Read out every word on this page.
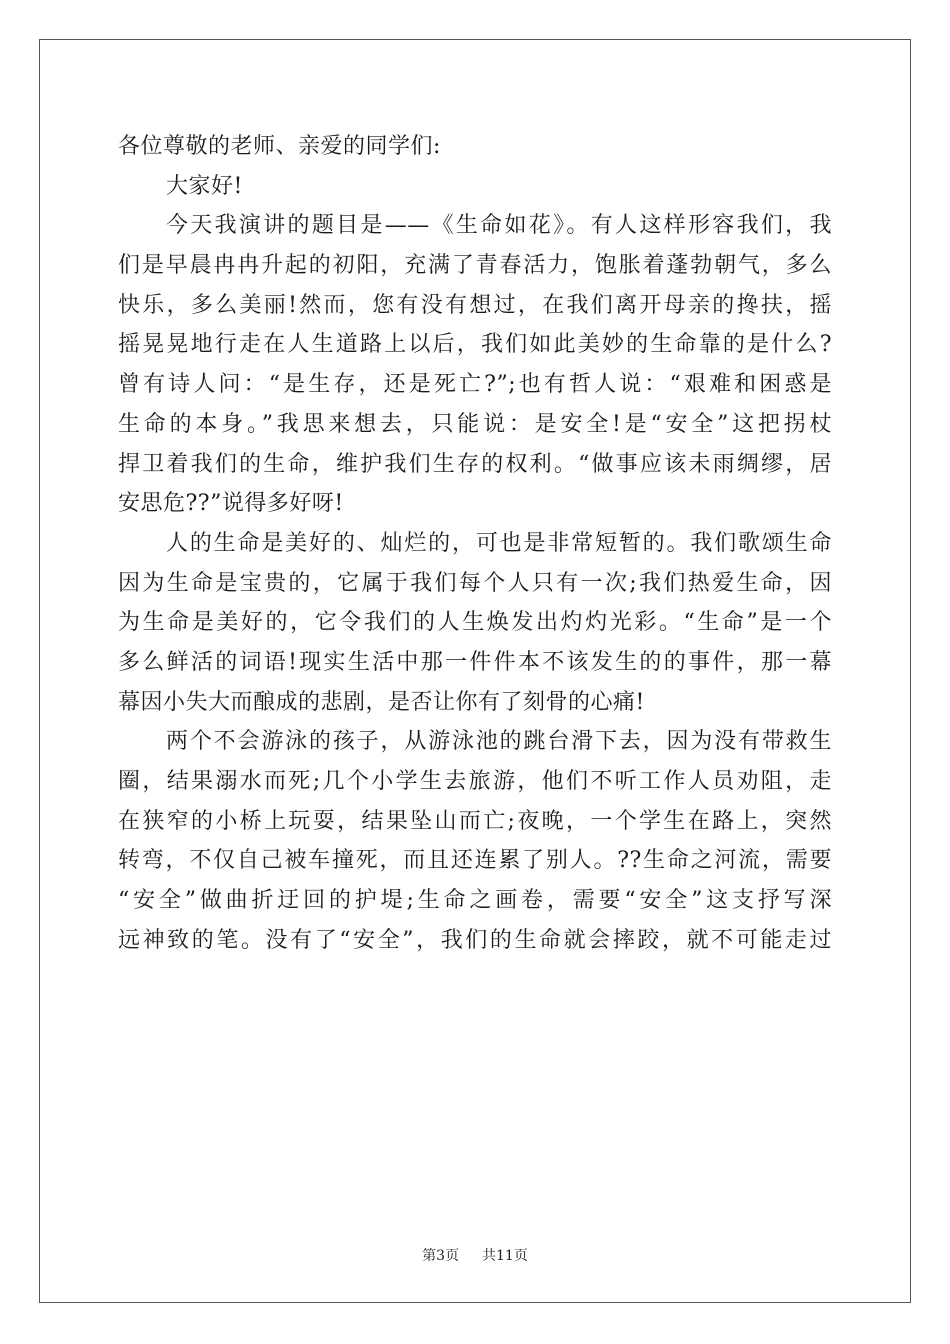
各位尊敬的老师、亲爱的同学们:
大家好!
今天我演讲的题目是——《生命如花》。有人这样形容我们，我
们是早晨冉冉升起的初阳，充满了青春活力，饱胀着蓬勃朝气，多么
快乐，多么美丽!然而，您有没有想过，在我们离开母亲的搀扶，摇
摇晃晃地行走在人生道路上以后，我们如此美妙的生命靠的是什么?
曾有诗人问：“是生存，还是死亡?”;也有哲人说：“艰难和困惑是
生命的本身。”我思来想去，只能说：是安全!是“安全”这把拐杖
捍卫着我们的生命，维护我们生存的权利。“做事应该未雨绸缪，居
安思危??”说得多好呀!
人的生命是美好的、灿烂的，可也是非常短暂的。我们歌颂生命
因为生命是宝贵的，它属于我们每个人只有一次;我们热爱生命，因
为生命是美好的，它令我们的人生焕发出灼灼光彩。“生命”是一个
多么鲜活的词语!现实生活中那一件件本不该发生的的事件，那一幕
幕因小失大而酿成的悲剧，是否让你有了刻骨的心痛!
两个不会游泳的孩子，从游泳池的跳台滑下去，因为没有带救生
圈，结果溺水而死;几个小学生去旅游，他们不听工作人员劝阻，走
在狭窄的小桥上玩耍，结果坠山而亡;夜晚，一个学生在路上，突然
转弯，不仅自己被车撞死，而且还连累了别人。??生命之河流，需要
“安全”做曲折迂回的护堤;生命之画卷，需要“安全”这支抒写深
远神致的笔。没有了“安全”，我们的生命就会摔跤，就不可能走过
第3页 共11页
